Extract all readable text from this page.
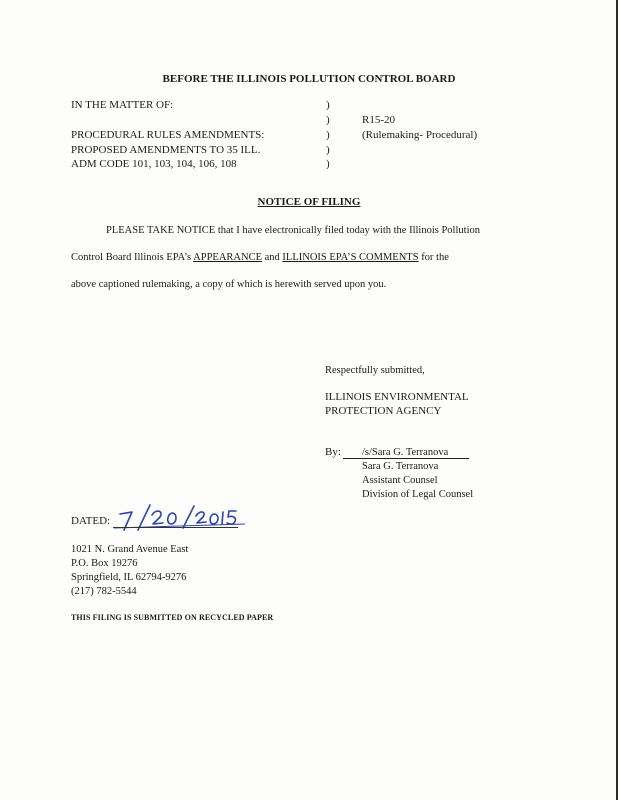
BEFORE THE ILLINOIS POLLUTION CONTROL BOARD
IN THE MATTER OF:
PROCEDURAL RULES AMENDMENTS:
PROPOSED AMENDMENTS TO 35 ILL.
ADM CODE 101, 103, 104, 106, 108
)
)
)
)
)
R15-20
(Rulemaking- Procedural)
NOTICE OF FILING
PLEASE TAKE NOTICE that I have electronically filed today with the Illinois Pollution
Control Board Illinois EPA’s APPEARANCE and ILLINOIS EPA’S COMMENTS for the
above captioned rulemaking, a copy of which is herewith served upon you.
Respectfully submitted,
ILLINOIS ENVIRONMENTAL
PROTECTION AGENCY
By: /s/Sara G. Terranova
Sara G. Terranova
Assistant Counsel
Division of Legal Counsel
DATED:
1021 N. Grand Avenue East
P.O. Box 19276
Springfield, IL 62794-9276
(217) 782-5544
THIS FILING IS SUBMITTED ON RECYCLED PAPER
